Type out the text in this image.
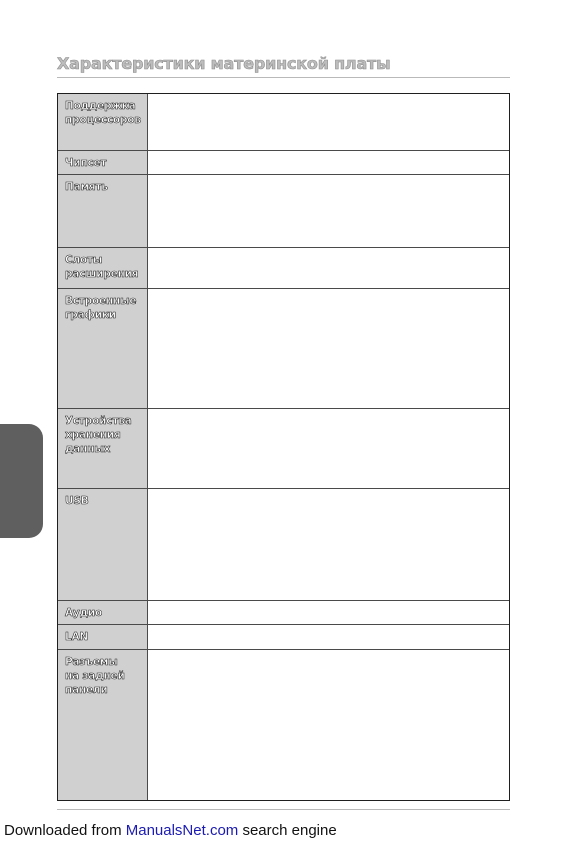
Характеристики материнской платы
Поддержка
процессоров
Чипсет
Память
Слоты
расширения
Встроенные
графики
Устройства
хранения
данных
USB
Аудио
LAN
Разъемы
на задней
панели
Downloaded from ManualsNet.com search engine
